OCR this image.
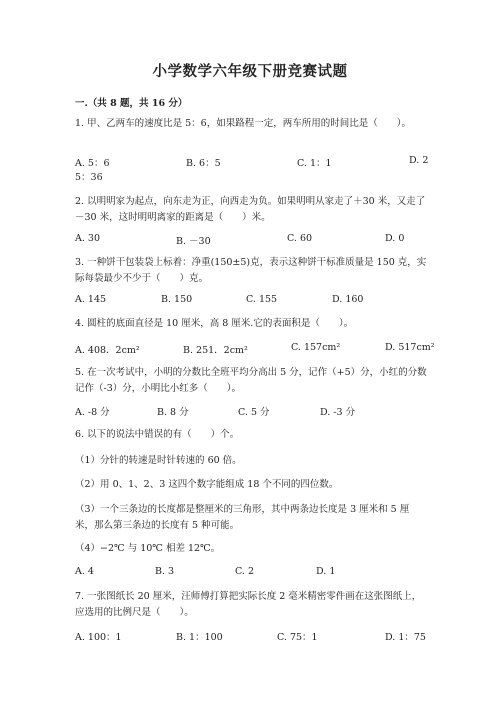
小学数学六年级下册竞赛试题
一.（共 8 题，共 16 分）

1. 甲、乙两车的速度比是 5：6，如果路程一定，两车所用的时间比是（　　）。

A. 5：6	B. 6：5	C. 1：1	D. 2
5：36

2. 以明明家为起点，向东走为正，向西走为负。如果明明从家走了＋30 米，又走了－30 米，这时明明离家的距离是（　　）米。

A. 30	B. －30	C. 60	D. 0

3. 一种饼干包装袋上标着：净重(150±5)克，表示这种饼干标准质量是 150 克，实际每袋最少不少于（　　）克。

A. 145	B. 150	C. 155	D. 160

4. 圆柱的底面直径是 10 厘米，高 8 厘米.它的表面积是（　　）。

A. 408．2cm²	B. 251．2cm²	C. 157cm²	D. 517cm²

5. 在一次考试中，小明的分数比全班平均分高出 5 分，记作（+5）分，小红的分数记作（-3）分，小明比小红多（　　）。

A. -8 分	B. 8 分	C. 5 分	D. -3 分

6. 以下的说法中错误的有（　　）个。

（1）分针的转速是时针转速的 60 倍。
（2）用 0、1、2、3 这四个数字能组成 18 个不同的四位数。
（3）一个三条边的长度都是整厘米的三角形，其中两条边长度是 3 厘米和 5 厘米，那么第三条边的长度有 5 种可能。
（4）−2℃ 与 10℃ 相差 12℃。
A. 4	B. 3	C. 2	D. 1

7. 一张图纸长 20 厘米，汪师傅打算把实际长度 2 毫米精密零件画在这张图纸上，应选用的比例尺是（　　）。

A. 100：1	B. 1：100	C. 75：1	D. 1：75
